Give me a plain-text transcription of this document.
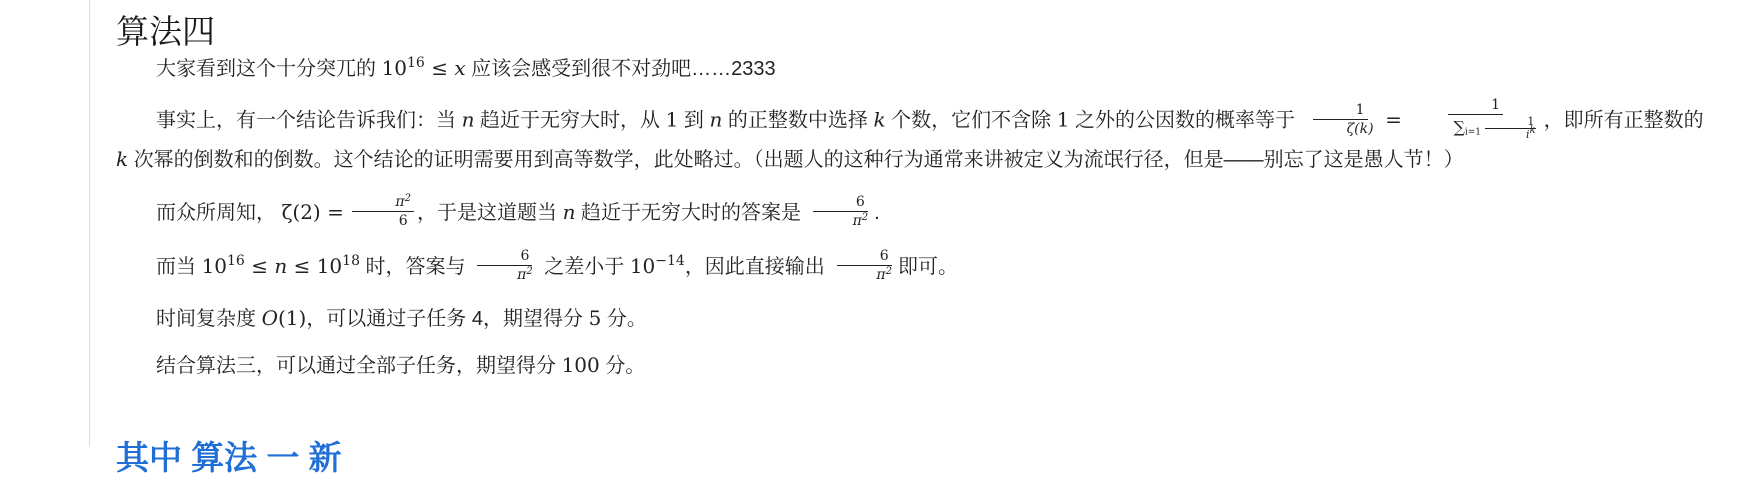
算法四

大家看到这个十分突兀的 $10^{16} \le x$ 应该会感受到很不对劲吧……2333

事实上，有一个结论告诉我们：当 n 趋近于无穷大时，从 1 到 n 的正整数中选择 k 个数，它们不含除 1 之外的公因数的概率等于 $\frac{1}{\zeta(k)} = \frac{1}{\sum_{i=1} \frac{1}{i^k}}$ ，即所有正整数的 k 次幂的倒数和的倒数。这个结论的证明需要用到高等数学，此处略过。（出题人的这种行为通常来讲被定义为流氓行径，但是——别忘了这是愚人节！）

而众所周知， $\zeta(2) = \frac{\pi^2}{6}$ ，于是这道题当 n 趋近于无穷大时的答案是 $\frac{6}{\pi^2}$ .

而当 $10^{16} \le n \le 10^{18}$ 时，答案与 $\frac{6}{\pi^2}$ 之差小于 $10^{-14}$，因此直接输出 $\frac{6}{\pi^2}$ 即可。

时间复杂度 O(1)，可以通过子任务 4，期望得分 5 分。

结合算法三，可以通过全部子任务，期望得分 100 分。

其中 算法 一 新
